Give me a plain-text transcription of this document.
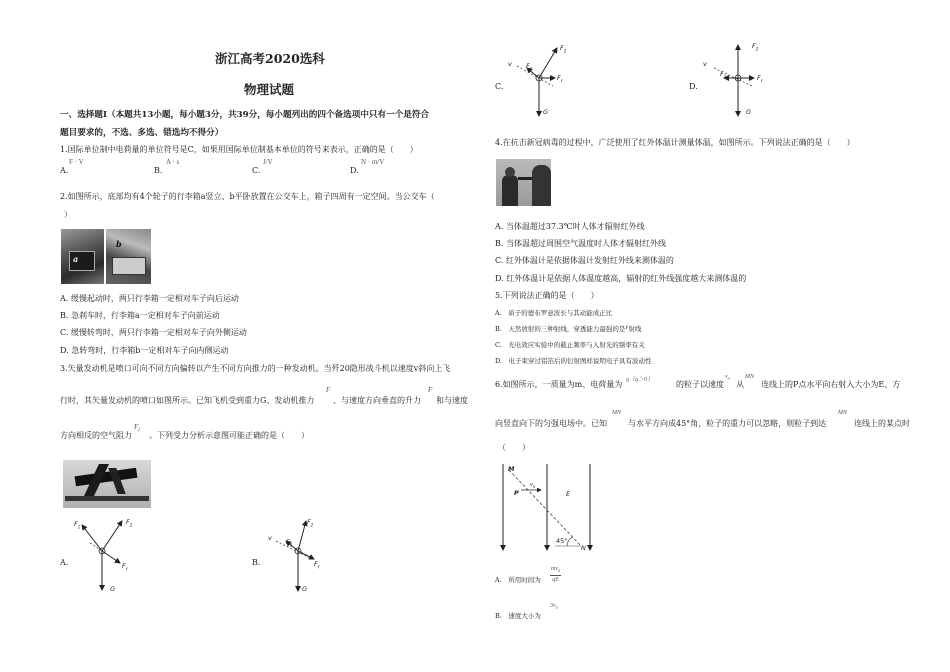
浙江高考2020选科
物理试题
一、选择题Ⅰ（本题共13小题，每小题3分，共39分，每小题列出的四个备选项中只有一个是符合
题目要求的，不选、多选、错选均不得分）
1.国际单位制中电荷量的单位符号是C，如果用国际单位制基本单位的符号来表示，正确的是（　　）
A.
F · V
B.
A · s
C.
J/V
D.
N · m/V
2.如图所示，底部均有4个轮子的行李箱a竖立、b平卧放置在公交车上，箱子四周有一定空间。当公交车（
）
a
b
A. 缓慢起动时，两只行李箱一定相对车子向后运动
B. 急刹车时，行李箱a一定相对车子向前运动
C. 缓慢转弯时，两只行李箱一定相对车子向外侧运动
D. 急转弯时，行李箱b一定相对车子向内侧运动
3.矢量发动机是喷口可向不同方向偏转以产生不同方向推力的一种发动机。当歼20隐形战斗机以速度v斜向上飞
行时，其矢量发动机的喷口如图所示。已知飞机受到重力G、发动机推力
F
、与速度方向垂直的升力
F
和与速度
方向相反的空气阻力
$F_f$
。下列受力分析示意图可能正确的是（　　）
A.
$F_1$
$F_2$
$F_f$
G
B.
v $F_1$
$F_2$
$F_f$
G
C.
v $F_1$
$F_2$
$F_f$
G
D.
v
$F_1$
$F_2$
$F_f$
G
4.在抗击新冠病毒的过程中，广泛使用了红外体温计测量体温，如图所示。下列说法正确的是（　　）
A. 当体温超过37.3℃时人体才辐射红外线
B. 当体温超过周围空气温度时人体才辐射红外线
C. 红外体温计是依据体温计发射红外线来测体温的
D. 红外体温计是依据人体温度越高，辐射的红外线强度越大来测体温的
5.下列说法正确的是（　　）
A.　质子的德布罗意波长与其动能成正比
B.　天然放射的三种射线，穿透能力最强的是$^\gamma$射线
C.　光电效应实验中的截止频率与入射光的频率有关
D.　电子束穿过铝箔后的衍射图样说明电子具有波动性
6.如图所示，一质量为m、电荷量为 q（q＞0）	的粒子以速度
$v_0$
从
MN
连线上的P点水平向右射入大小为E、方
向竖直向下的匀强电场中。已知
MN
与水平方向成45°角，粒子的重力可以忽略，则粒子到达
MN
连线上的某点时
（　　）
M
P
$v_0$
E
45°
N
A.　所用时间为
$mv_0$
qE
B.　速度大小为
$3v_0$
